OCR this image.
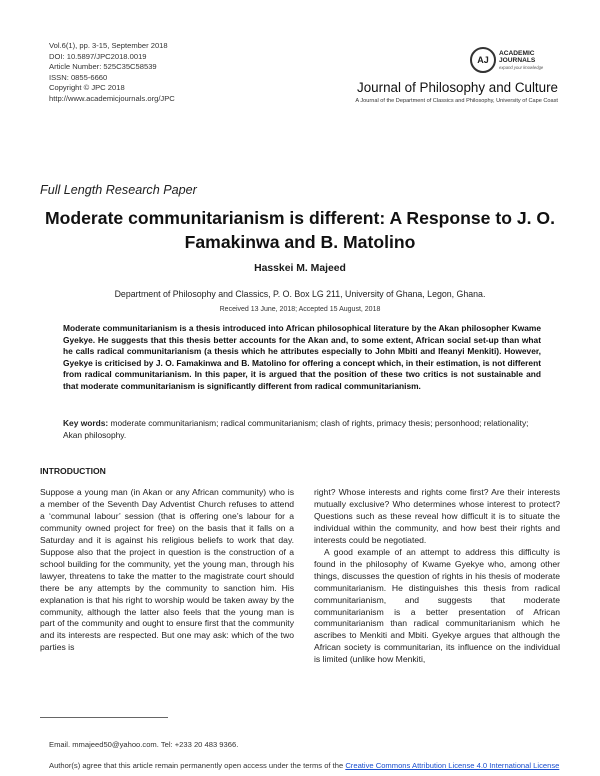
Vol.6(1), pp. 3-15, September 2018
DOI: 10.5897/JPC2018.0019
Article Number: 525C35C58539
ISSN: 0855-6660
Copyright © JPC 2018
http://www.academicjournals.org/JPC
AJ
ACADEMIC
JOURNALS
expand your knowledge
Journal of Philosophy and Culture
A Journal of the Department of Classics and Philosophy, University of Cape Coast
Full Length Research Paper
Moderate communitarianism is different: A Response to J. O. Famakinwa and B. Matolino
Hasskei M. Majeed
Department of Philosophy and Classics, P. O. Box LG 211, University of Ghana, Legon, Ghana.
Received 13 June, 2018; Accepted 15 August, 2018
Moderate communitarianism is a thesis introduced into African philosophical literature by the Akan philosopher Kwame Gyekye. He suggests that this thesis better accounts for the Akan and, to some extent, African social set-up than what he calls radical communitarianism (a thesis which he attributes especially to John Mbiti and Ifeanyi Menkiti). However, Gyekye is criticised by J. O. Famakinwa and B. Matolino for offering a concept which, in their estimation, is not different from radical communitarianism. In this paper, it is argued that the position of these two critics is not sustainable and that moderate communitarianism is significantly different from radical communitarianism.
Key words: moderate communitarianism; radical communitarianism; clash of rights, primacy thesis; personhood; relationality; Akan philosophy.
INTRODUCTION

Suppose a young man (in Akan or any African community) who is a member of the Seventh Day Adventist Church refuses to attend a ‘communal labour’ session (that is offering one’s labour for a community owned project for free) on the basis that it falls on a Saturday and it is against his religious beliefs to work that day. Suppose also that the project in question is the construction of a school building for the community, yet the young man, through his lawyer, threatens to take the matter to the magistrate court should there be any attempts by the community to sanction him. His explanation is that his right to worship would be taken away by the community, although the latter also feels that the young man is part of the community and ought to ensure first that the community and its interests are respected. But one may ask: which of the two parties is

right? Whose interests and rights come first? Are their interests mutually exclusive? Who determines whose interest to protect? Questions such as these reveal how difficult it is to situate the individual within the community, and how best their rights and interests could be negotiated.

A good example of an attempt to address this difficulty is found in the philosophy of Kwame Gyekye who, among other things, discusses the question of rights in his thesis of moderate communitarianism. He distinguishes this thesis from radical communitarianism, and suggests that moderate communitarianism is a better presentation of African communitarianism than radical communitarianism which he ascribes to Menkiti and Mbiti. Gyekye argues that although the African society is communitarian, its influence on the individual is limited (unlike how Menkiti,

Email. mmajeed50@yahoo.com. Tel: +233 20 483 9366.
Author(s) agree that this article remain permanently open access under the terms of the Creative Commons Attribution License 4.0 International License
